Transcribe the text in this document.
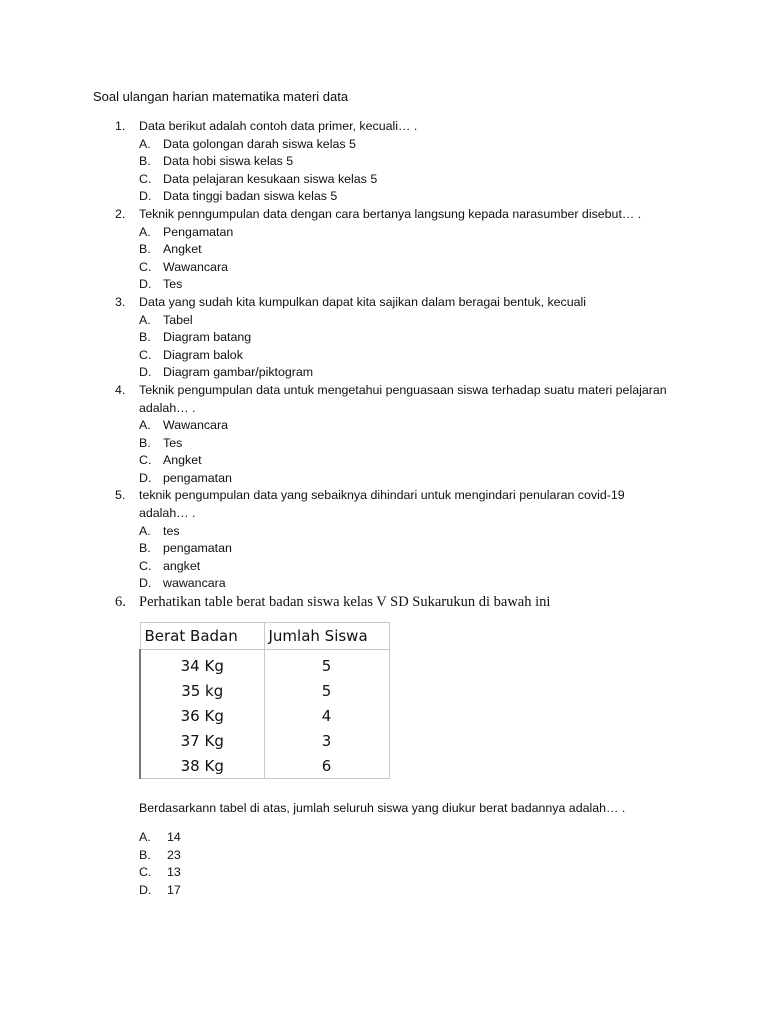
Soal ulangan harian matematika materi data
1.	Data berikut adalah contoh data primer, kecuali… .
A. Data golongan darah siswa kelas 5
B. Data hobi siswa kelas 5
C. Data pelajaran kesukaan siswa kelas 5
D. Data tinggi badan siswa kelas 5
2.	Teknik penngumpulan data dengan cara bertanya langsung kepada narasumber disebut… .
A. Pengamatan
B. Angket
C. Wawancara
D. Tes
3.	Data yang sudah kita kumpulkan dapat kita sajikan dalam beragai bentuk, kecuali
A. Tabel
B. Diagram batang
C. Diagram balok
D. Diagram gambar/piktogram
4.	Teknik pengumpulan data untuk mengetahui penguasaan siswa terhadap suatu materi pelajaran adalah… .
A. Wawancara
B. Tes
C. Angket
D. pengamatan
5.	teknik pengumpulan data yang sebaiknya dihindari untuk mengindari penularan covid-19 adalah… .
A. tes
B. pengamatan
C. angket
D. wawancara
6. Perhatikan table berat badan siswa kelas V SD Sukarukun di bawah ini
Berat Badan	Jumlah Siswa
34 Kg	5
35 kg	5
36 Kg	4
37 Kg	3
38 Kg	6
Berdasarkann tabel di atas, jumlah seluruh siswa yang diukur berat badannya adalah… .
A.	14
B.	23
C.	13
D.	17
